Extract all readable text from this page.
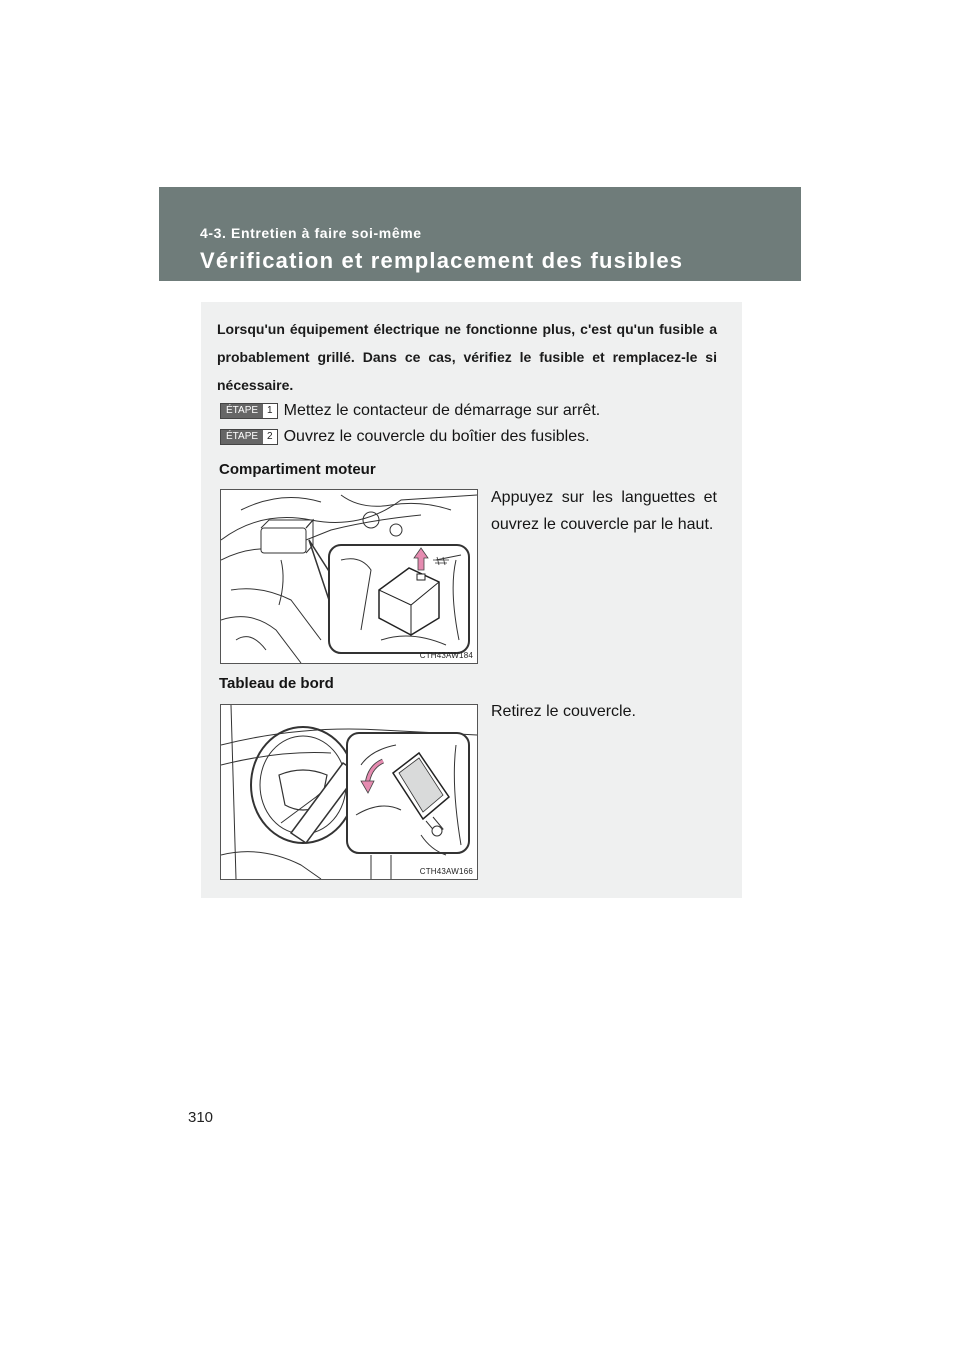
4-3. Entretien à faire soi-même
Vérification et remplacement des fusibles
Lorsqu'un équipement électrique ne fonctionne plus, c'est qu'un fusible a probablement grillé. Dans ce cas, vérifiez le fusible et remplacez-le si nécessaire.
ÉTAPE 1 Mettez le contacteur de démarrage sur arrêt.
ÉTAPE 2 Ouvrez le couvercle du boîtier des fusibles.
Compartiment moteur
CTH43AW184
Appuyez sur les languettes et ouvrez le couvercle par le haut.
Tableau de bord
CTH43AW166
Retirez le couvercle.
310
